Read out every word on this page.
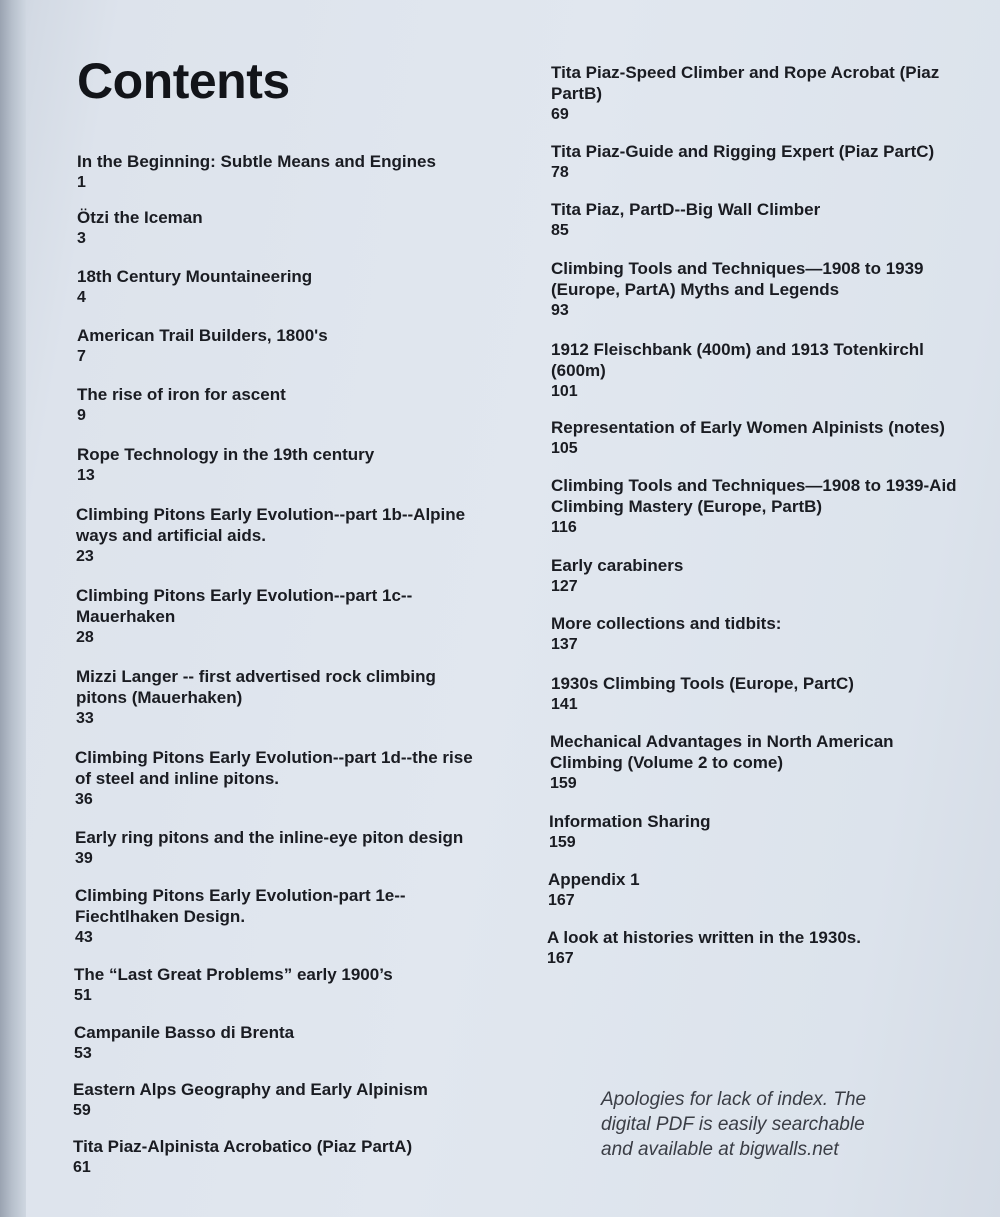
Contents
In the Beginning: Subtle Means and Engines
1
Ötzi the Iceman
3
18th Century Mountaineering
4
American Trail Builders, 1800's
7
The rise of iron for ascent
9
Rope Technology in the 19th century
13
Climbing Pitons Early Evolution--part 1b--Alpine
ways and artificial aids.
23
Climbing Pitons Early Evolution--part 1c--
Mauerhaken
28
Mizzi Langer -- first advertised rock climbing
pitons (Mauerhaken)
33
Climbing Pitons Early Evolution--part 1d--the rise
of steel and inline pitons.
36
Early ring pitons and the inline-eye piton design
39
Climbing Pitons Early Evolution-part 1e--
Fiechtlhaken Design.
43
The “Last Great Problems” early 1900’s
51
Campanile Basso di Brenta
53
Eastern Alps Geography and Early Alpinism
59
Tita Piaz-Alpinista Acrobatico (Piaz PartA)
61
Tita Piaz-Speed Climber and Rope Acrobat (Piaz
PartB)
69
Tita Piaz-Guide and Rigging Expert (Piaz PartC)
78
Tita Piaz, PartD--Big Wall Climber
85
Climbing Tools and Techniques—1908 to 1939
(Europe, PartA) Myths and Legends
93
1912 Fleischbank (400m) and 1913 Totenkirchl
(600m)
101
Representation of Early Women Alpinists (notes)
105
Climbing Tools and Techniques—1908 to 1939-Aid
Climbing Mastery (Europe, PartB)
116
Early carabiners
127
More collections and tidbits:
137
1930s Climbing Tools (Europe, PartC)
141
Mechanical Advantages in North American
Climbing (Volume 2 to come)
159
Information Sharing
159
Appendix 1
167
A look at histories written in the 1930s.
167
Apologies for lack of index. The
digital PDF is easily searchable
and available at bigwalls.net
